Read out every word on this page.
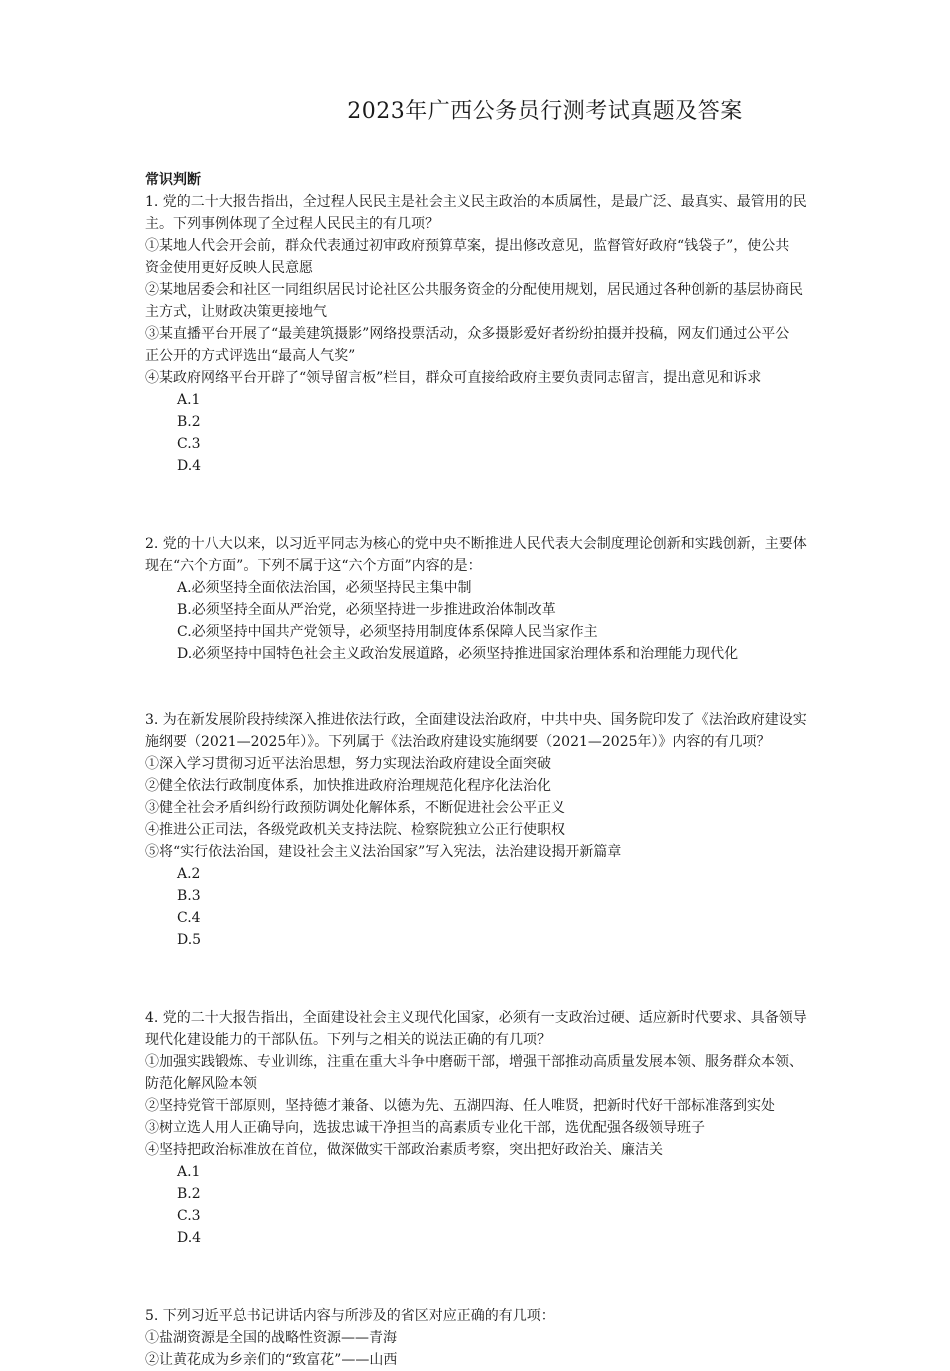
2023年广西公务员行测考试真题及答案
常识判断
1. 党的二十大报告指出，全过程人民民主是社会主义民主政治的本质属性，是最广泛、最真实、最管用的民
主。下列事例体现了全过程人民民主的有几项？
①某地人代会开会前，群众代表通过初审政府预算草案，提出修改意见，监督管好政府“钱袋子”，使公共
资金使用更好反映人民意愿
②某地居委会和社区一同组织居民讨论社区公共服务资金的分配使用规划，居民通过各种创新的基层协商民
主方式，让财政决策更接地气
③某直播平台开展了“最美建筑摄影”网络投票活动，众多摄影爱好者纷纷拍摄并投稿，网友们通过公平公
正公开的方式评选出“最高人气奖”
④某政府网络平台开辟了“领导留言板”栏目，群众可直接给政府主要负责同志留言，提出意见和诉求
A.1
B.2
C.3
D.4
2. 党的十八大以来，以习近平同志为核心的党中央不断推进人民代表大会制度理论创新和实践创新，主要体
现在“六个方面”。下列不属于这“六个方面”内容的是：
A.必须坚持全面依法治国，必须坚持民主集中制
B.必须坚持全面从严治党，必须坚持进一步推进政治体制改革
C.必须坚持中国共产党领导，必须坚持用制度体系保障人民当家作主
D.必须坚持中国特色社会主义政治发展道路，必须坚持推进国家治理体系和治理能力现代化
3. 为在新发展阶段持续深入推进依法行政，全面建设法治政府，中共中央、国务院印发了《法治政府建设实
施纲要（2021—2025年）》。下列属于《法治政府建设实施纲要（2021—2025年）》内容的有几项？
①深入学习贯彻习近平法治思想，努力实现法治政府建设全面突破
②健全依法行政制度体系，加快推进政府治理规范化程序化法治化
③健全社会矛盾纠纷行政预防调处化解体系，不断促进社会公平正义
④推进公正司法，各级党政机关支持法院、检察院独立公正行使职权
⑤将“实行依法治国，建设社会主义法治国家”写入宪法，法治建设揭开新篇章
A.2
B.3
C.4
D.5
4. 党的二十大报告指出，全面建设社会主义现代化国家，必须有一支政治过硬、适应新时代要求、具备领导
现代化建设能力的干部队伍。下列与之相关的说法正确的有几项？
①加强实践锻炼、专业训练，注重在重大斗争中磨砺干部，增强干部推动高质量发展本领、服务群众本领、
防范化解风险本领
②坚持党管干部原则，坚持德才兼备、以德为先、五湖四海、任人唯贤，把新时代好干部标准落到实处
③树立选人用人正确导向，选拔忠诚干净担当的高素质专业化干部，选优配强各级领导班子
④坚持把政治标准放在首位，做深做实干部政治素质考察，突出把好政治关、廉洁关
A.1
B.2
C.3
D.4
5. 下列习近平总书记讲话内容与所涉及的省区对应正确的有几项：
①盐湖资源是全国的战略性资源——青海
②让黄花成为乡亲们的“致富花”——山西
